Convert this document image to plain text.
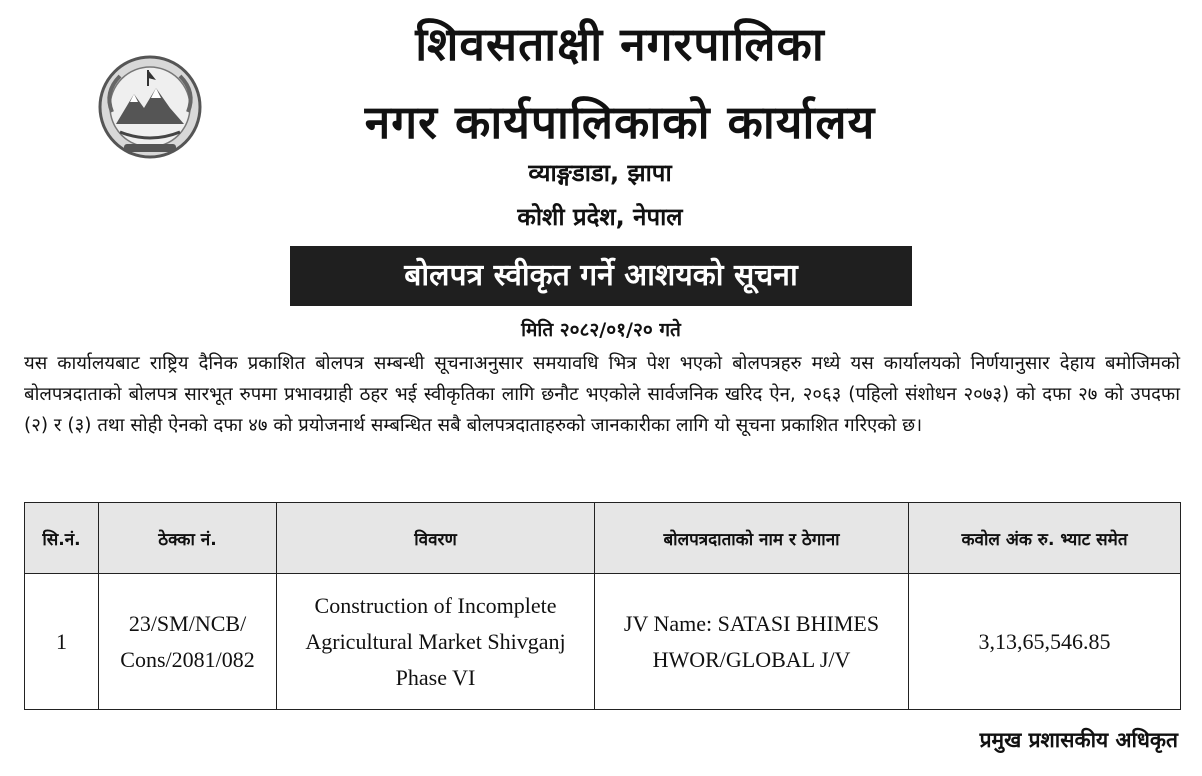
शिवसताक्षी नगरपालिका
नगर कार्यपालिकाको कार्यालय
व्याङ्गडाडा, झापा
कोशी प्रदेश, नेपाल
बोलपत्र स्वीकृत गर्ने आशयको सूचना
मिति २०८२/०१/२० गते

यस कार्यालयबाट राष्ट्रिय दैनिक प्रकाशित बोलपत्र सम्बन्धी सूचनाअनुसार समयावधि भित्र पेश भएको बोलपत्रहरु मध्ये यस कार्यालयको निर्णयानुसार देहाय बमोजिमको बोलपत्रदाताको बोलपत्र सारभूत रुपमा प्रभावग्राही ठहर भई स्वीकृतिका लागि छनौट भएकोले सार्वजनिक खरिद ऐन, २०६३ (पहिलो संशोधन २०७३) को दफा २७ को उपदफा (२) र (३) तथा सोही ऐनको दफा ४७ को प्रयोजनार्थ सम्बन्धित सबै बोलपत्रदाताहरुको जानकारीका लागि यो सूचना प्रकाशित गरिएको छ।

सि.नं.	ठेक्का नं.	विवरण	बोलपत्रदाताको नाम र ठेगाना	कवोल अंक रु. भ्याट समेत
1	23/SM/NCB/ Cons/2081/082	Construction of Incomplete Agricultural Market Shivganj Phase VI	JV Name: SATASI BHIMES HWOR/GLOBAL J/V	3,13,65,546.85
प्रमुख प्रशासकीय अधिकृत
